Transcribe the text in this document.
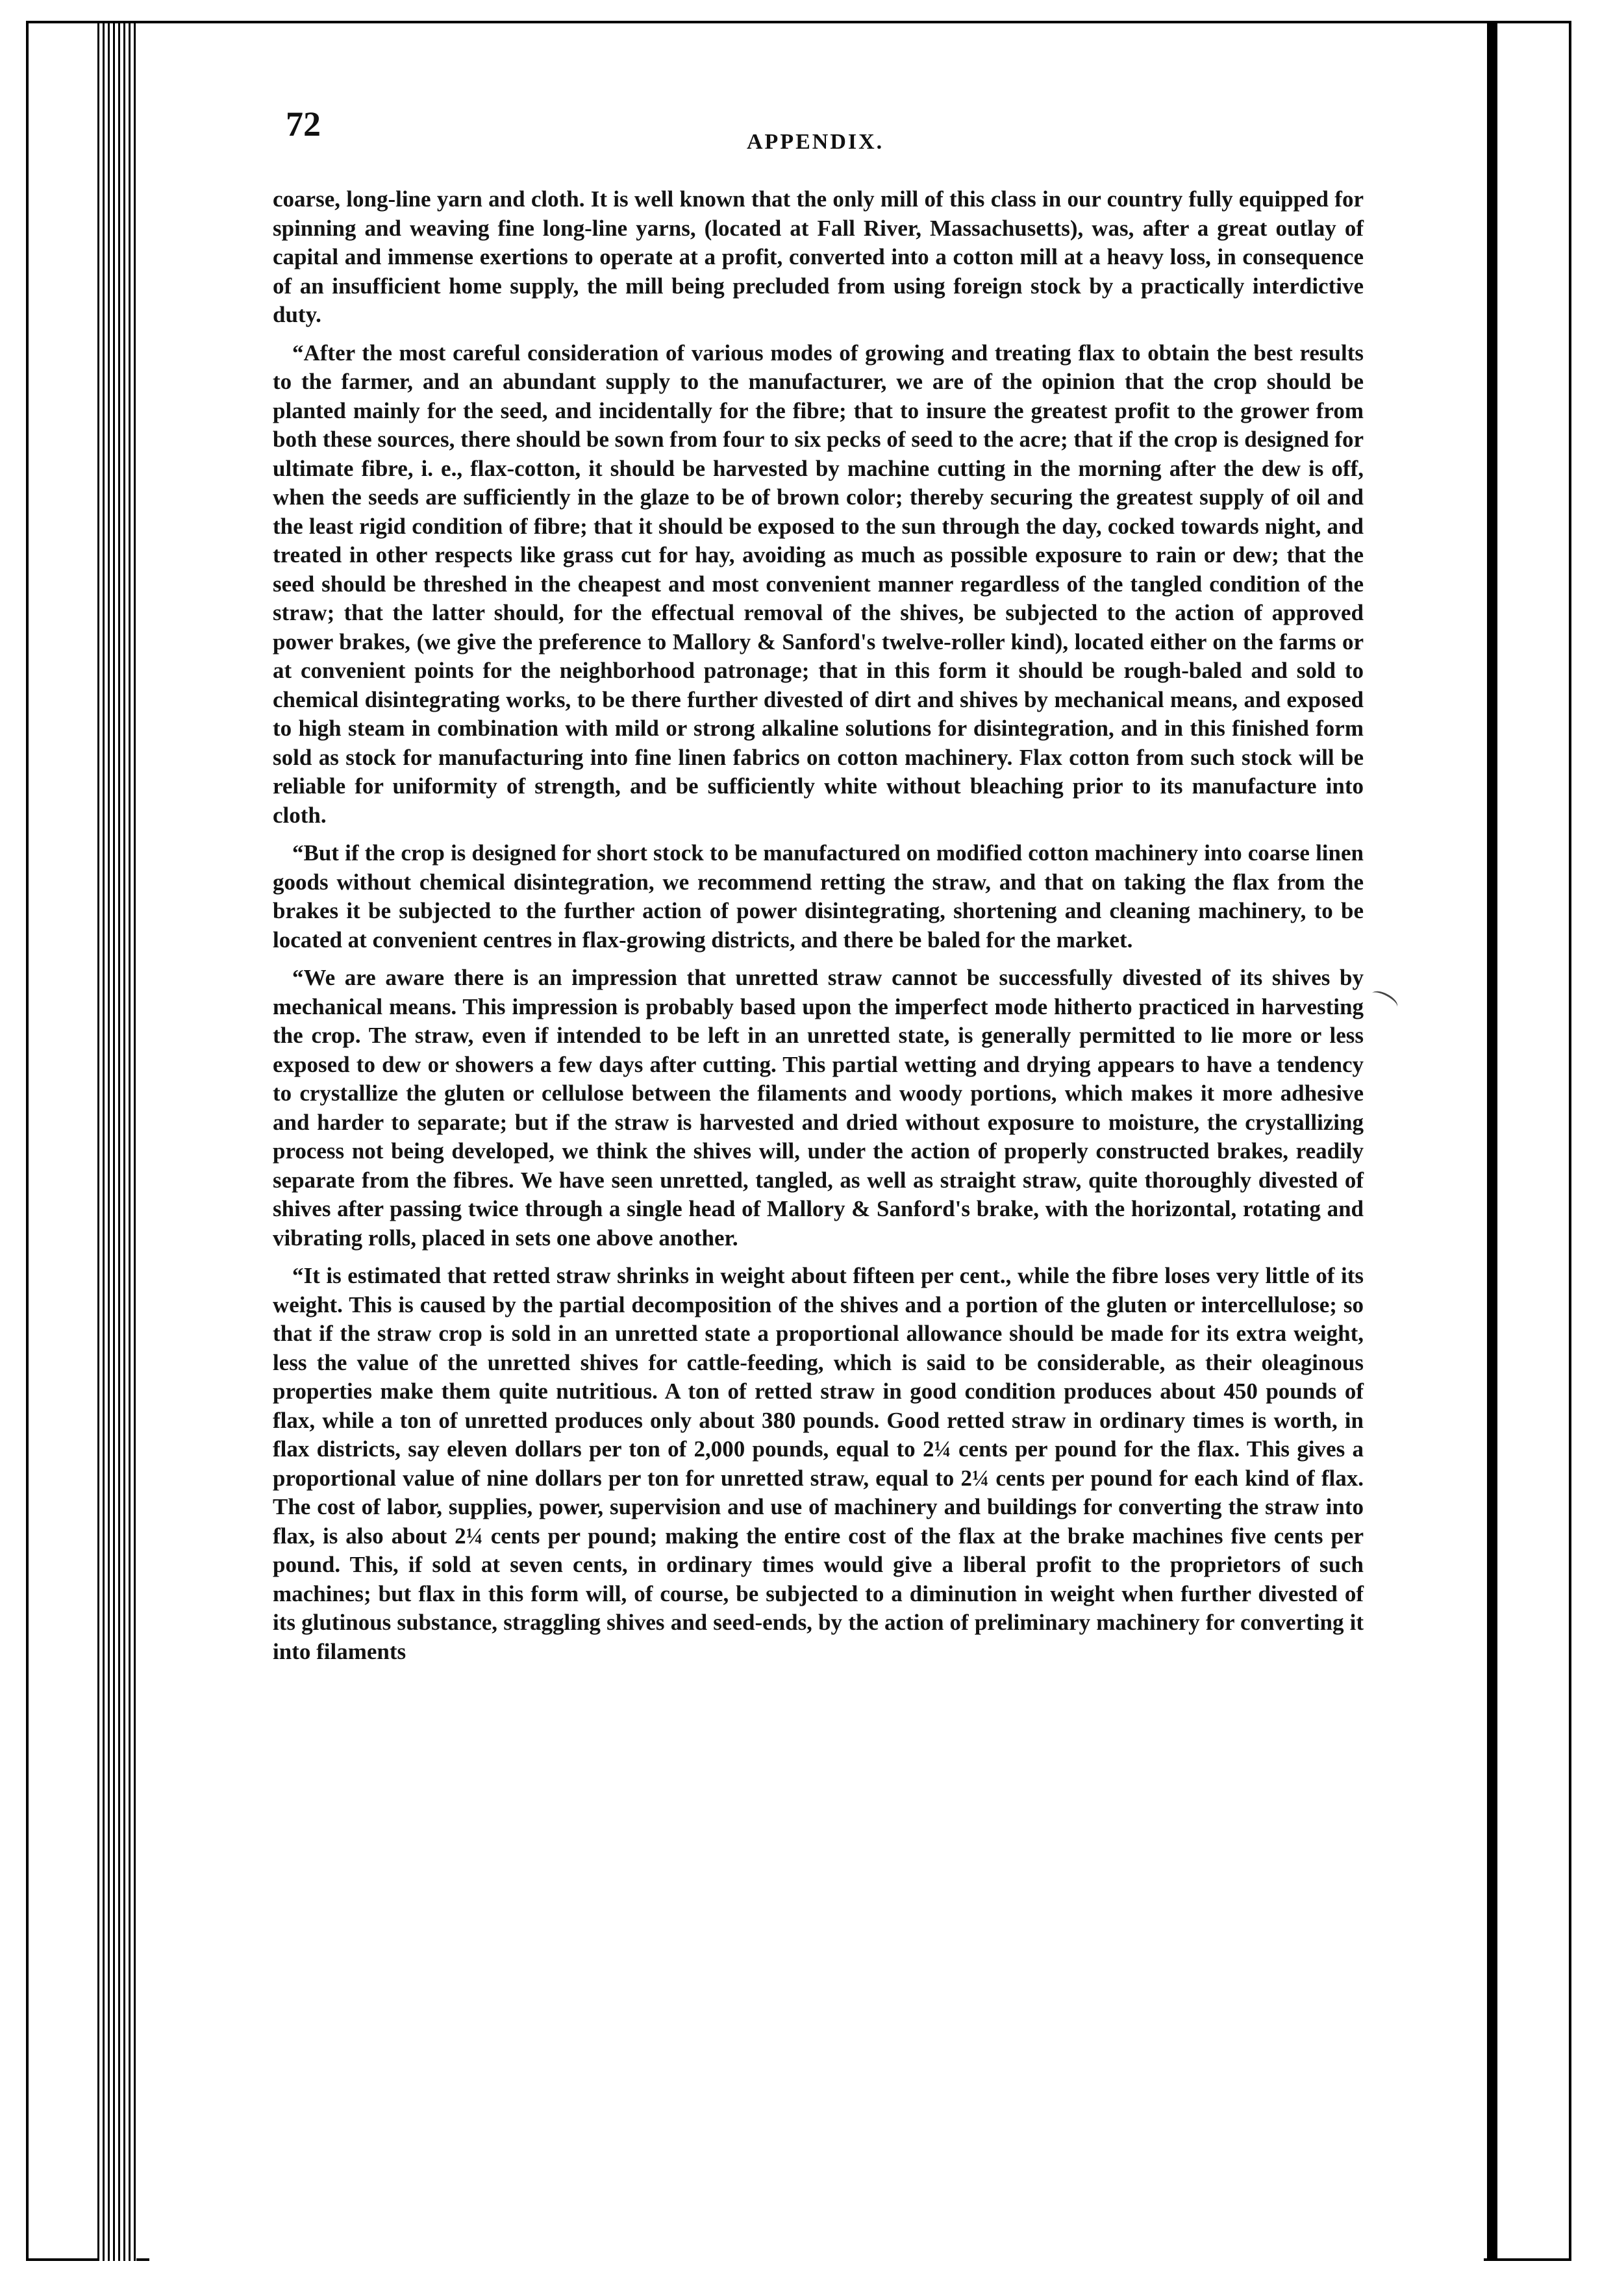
72	APPENDIX.

coarse, long-line yarn and cloth. It is well known that the only mill of this class in our country fully equipped for spinning and weaving fine long-line yarns, (located at Fall River, Massachusetts), was, after a great outlay of capital and immense exertions to operate at a profit, converted into a cotton mill at a heavy loss, in consequence of an insufficient home supply, the mill being precluded from using foreign stock by a practically interdictive duty.

“After the most careful consideration of various modes of growing and treating flax to obtain the best results to the farmer, and an abundant supply to the manufacturer, we are of the opinion that the crop should be planted mainly for the seed, and incidentally for the fibre; that to insure the greatest profit to the grower from both these sources, there should be sown from four to six pecks of seed to the acre; that if the crop is designed for ultimate fibre, i. e., flax-cotton, it should be harvested by machine cutting in the morning after the dew is off, when the seeds are sufficiently in the glaze to be of brown color; thereby securing the greatest supply of oil and the least rigid condition of fibre; that it should be exposed to the sun through the day, cocked towards night, and treated in other respects like grass cut for hay, avoiding as much as possible exposure to rain or dew; that the seed should be threshed in the cheapest and most convenient manner regardless of the tangled condition of the straw; that the latter should, for the effectual removal of the shives, be subjected to the action of approved power brakes, (we give the preference to Mallory & Sanford's twelve-roller kind), located either on the farms or at convenient points for the neighborhood patronage; that in this form it should be rough-baled and sold to chemical disintegrating works, to be there further divested of dirt and shives by mechanical means, and exposed to high steam in combination with mild or strong alkaline solutions for disintegration, and in this finished form sold as stock for manufacturing into fine linen fabrics on cotton machinery. Flax cotton from such stock will be reliable for uniformity of strength, and be sufficiently white without bleaching prior to its manufacture into cloth.

“But if the crop is designed for short stock to be manufactured on modified cotton machinery into coarse linen goods without chemical disintegration, we recommend retting the straw, and that on taking the flax from the brakes it be subjected to the further action of power disintegrating, shortening and cleaning machinery, to be located at convenient centres in flax-growing districts, and there be baled for the market.

“We are aware there is an impression that unretted straw cannot be successfully divested of its shives by mechanical means. This impression is probably based upon the imperfect mode hitherto practiced in harvesting the crop. The straw, even if intended to be left in an unretted state, is generally permitted to lie more or less exposed to dew or showers a few days after cutting. This partial wetting and drying appears to have a tendency to crystallize the gluten or cellulose between the filaments and woody portions, which makes it more adhesive and harder to separate; but if the straw is harvested and dried without exposure to moisture, the crystallizing process not being developed, we think the shives will, under the action of properly constructed brakes, readily separate from the fibres. We have seen unretted, tangled, as well as straight straw, quite thoroughly divested of shives after passing twice through a single head of Mallory & Sanford's brake, with the horizontal, rotating and vibrating rolls, placed in sets one above another.

“It is estimated that retted straw shrinks in weight about fifteen per cent., while the fibre loses very little of its weight. This is caused by the partial decomposition of the shives and a portion of the gluten or intercellulose; so that if the straw crop is sold in an unretted state a proportional allowance should be made for its extra weight, less the value of the unretted shives for cattle-feeding, which is said to be considerable, as their oleaginous properties make them quite nutritious. A ton of retted straw in good condition produces about 450 pounds of flax, while a ton of unretted produces only about 380 pounds. Good retted straw in ordinary times is worth, in flax districts, say eleven dollars per ton of 2,000 pounds, equal to 2¼ cents per pound for the flax. This gives a proportional value of nine dollars per ton for unretted straw, equal to 2¼ cents per pound for each kind of flax. The cost of labor, supplies, power, supervision and use of machinery and buildings for converting the straw into flax, is also about 2¼ cents per pound; making the entire cost of the flax at the brake machines five cents per pound. This, if sold at seven cents, in ordinary times would give a liberal profit to the proprietors of such machines; but flax in this form will, of course, be subjected to a diminution in weight when further divested of its glutinous substance, straggling shives and seed-ends, by the action of preliminary machinery for converting it into filaments
